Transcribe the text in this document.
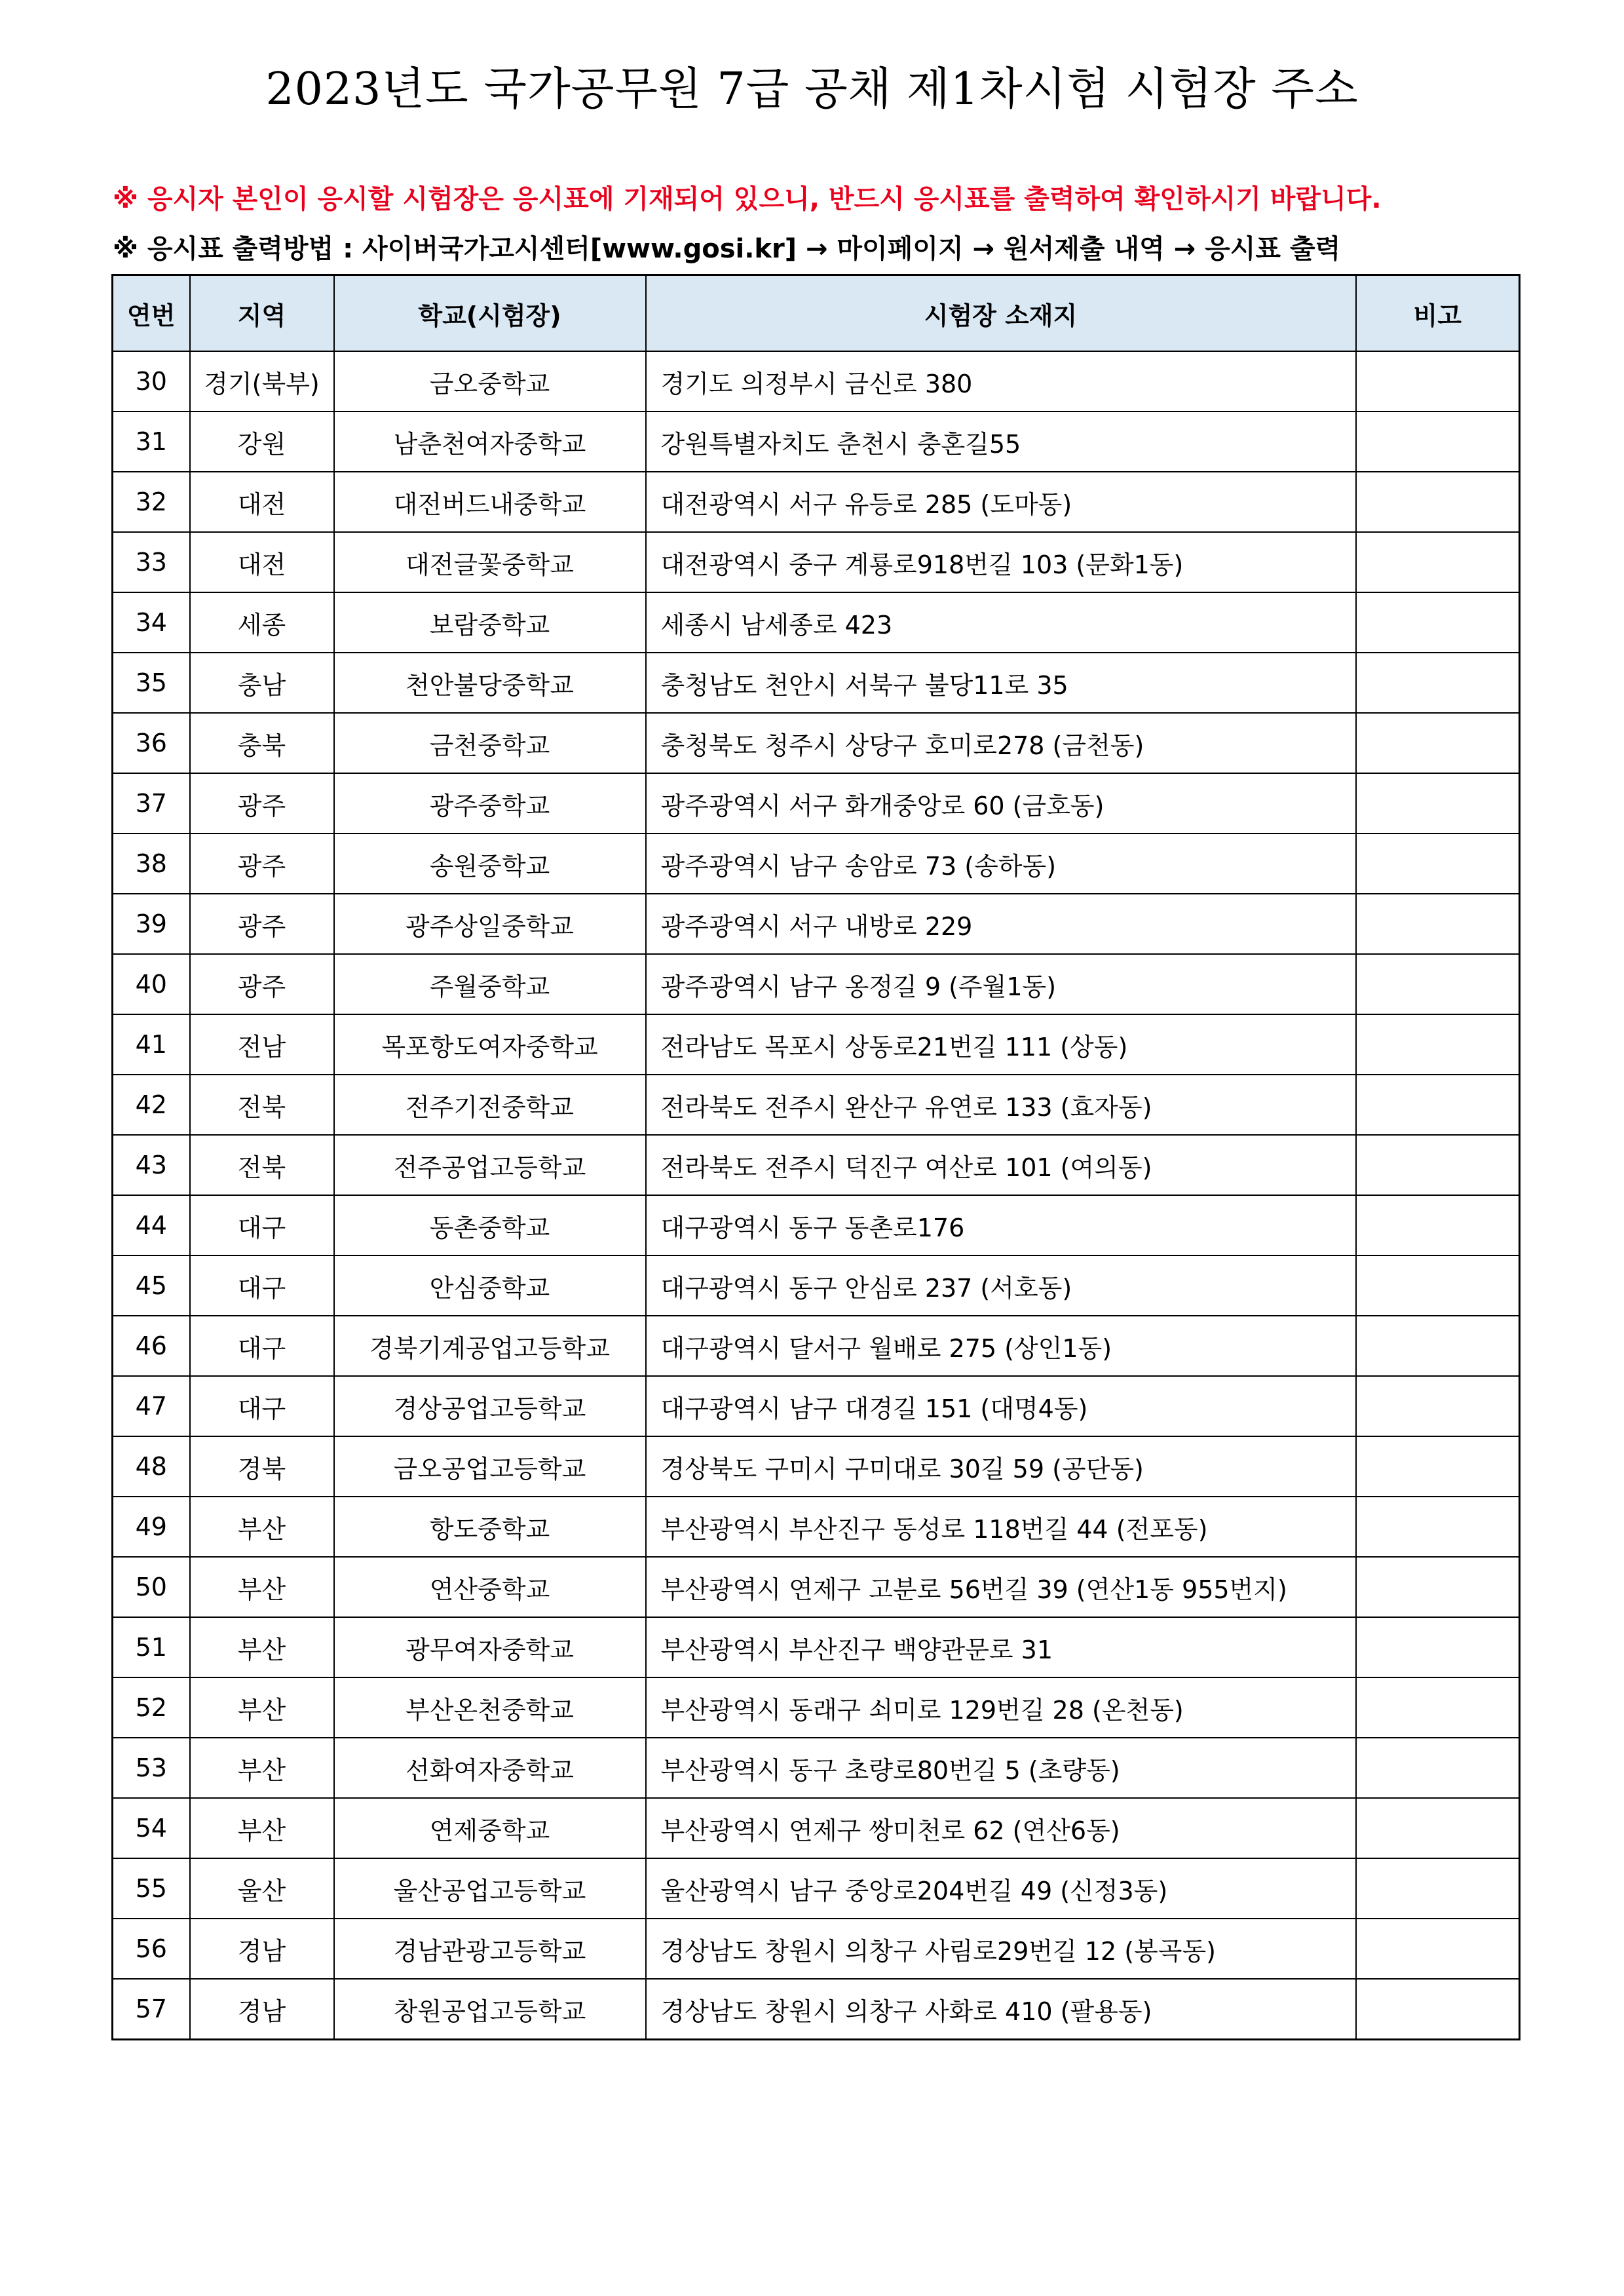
2023년도 국가공무원 7급 공채 제1차시험 시험장 주소
※ 응시자 본인이 응시할 시험장은 응시표에 기재되어 있으니, 반드시 응시표를 출력하여 확인하시기 바랍니다.
※ 응시표 출력방법 : 사이버국가고시센터[www.gosi.kr] → 마이페이지 → 원서제출 내역 → 응시표 출력
연번	지역	학교(시험장)	시험장 소재지	비고
30	경기(북부)	금오중학교	경기도 의정부시 금신로 380	
31	강원	남춘천여자중학교	강원특별자치도 춘천시 충혼길55	
32	대전	대전버드내중학교	대전광역시 서구 유등로 285 (도마동)	
33	대전	대전글꽃중학교	대전광역시 중구 계룡로918번길 103 (문화1동)	
34	세종	보람중학교	세종시 남세종로 423	
35	충남	천안불당중학교	충청남도 천안시 서북구 불당11로 35	
36	충북	금천중학교	충청북도 청주시 상당구 호미로278 (금천동)	
37	광주	광주중학교	광주광역시 서구 화개중앙로 60 (금호동)	
38	광주	송원중학교	광주광역시 남구 송암로 73 (송하동)	
39	광주	광주상일중학교	광주광역시 서구 내방로 229	
40	광주	주월중학교	광주광역시 남구 옹정길 9 (주월1동)	
41	전남	목포항도여자중학교	전라남도 목포시 상동로21번길 111 (상동)	
42	전북	전주기전중학교	전라북도 전주시 완산구 유연로 133 (효자동)	
43	전북	전주공업고등학교	전라북도 전주시 덕진구 여산로 101 (여의동)	
44	대구	동촌중학교	대구광역시 동구 동촌로176	
45	대구	안심중학교	대구광역시 동구 안심로 237 (서호동)	
46	대구	경북기계공업고등학교	대구광역시 달서구 월배로 275 (상인1동)	
47	대구	경상공업고등학교	대구광역시 남구 대경길 151 (대명4동)	
48	경북	금오공업고등학교	경상북도 구미시 구미대로 30길 59 (공단동)	
49	부산	항도중학교	부산광역시 부산진구 동성로 118번길 44 (전포동)	
50	부산	연산중학교	부산광역시 연제구 고분로 56번길 39 (연산1동 955번지)	
51	부산	광무여자중학교	부산광역시 부산진구 백양관문로 31	
52	부산	부산온천중학교	부산광역시 동래구 쇠미로 129번길 28 (온천동)	
53	부산	선화여자중학교	부산광역시 동구 초량로80번길 5 (초량동)	
54	부산	연제중학교	부산광역시 연제구 쌍미천로 62 (연산6동)	
55	울산	울산공업고등학교	울산광역시 남구 중앙로204번길 49 (신정3동)	
56	경남	경남관광고등학교	경상남도 창원시 의창구 사림로29번길 12 (봉곡동)	
57	경남	창원공업고등학교	경상남도 창원시 의창구 사화로 410 (팔용동)	
